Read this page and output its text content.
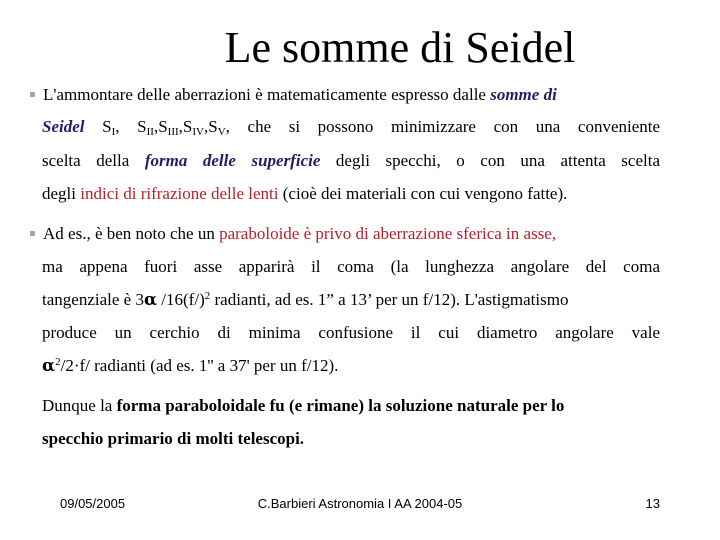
Le somme di Seidel
L'ammontare delle aberrazioni è matematicamente espresso dalle somme di
Seidel $S_I$, $S_{II},S_{III},S_{IV},S_V$, che si possono minimizzare con una conveniente
scelta della forma delle superficie degli specchi, o con una attenta scelta
degli indici di rifrazione delle lenti (cioè dei materiali con cui vengono fatte).
Ad es., è ben noto che un paraboloide è privo di aberrazione sferica in asse,
ma appena fuori asse apparirà il coma (la lunghezza angolare del coma
tangenziale è 3α $/16(f/)^2$ radianti, ad es. 1” a 13’ per un f/12). L'astigmatismo
produce un cerchio di minima confusione il cui diametro angolare vale
$\alpha^2/2\cdot f/$ radianti (ad es. 1'' a 37' per un f/12).
Dunque la forma paraboloidale fu (e rimane) la soluzione naturale per lo
specchio primario di molti telescopi.
09/05/2005	C.Barbieri Astronomia I AA 2004-05	13
